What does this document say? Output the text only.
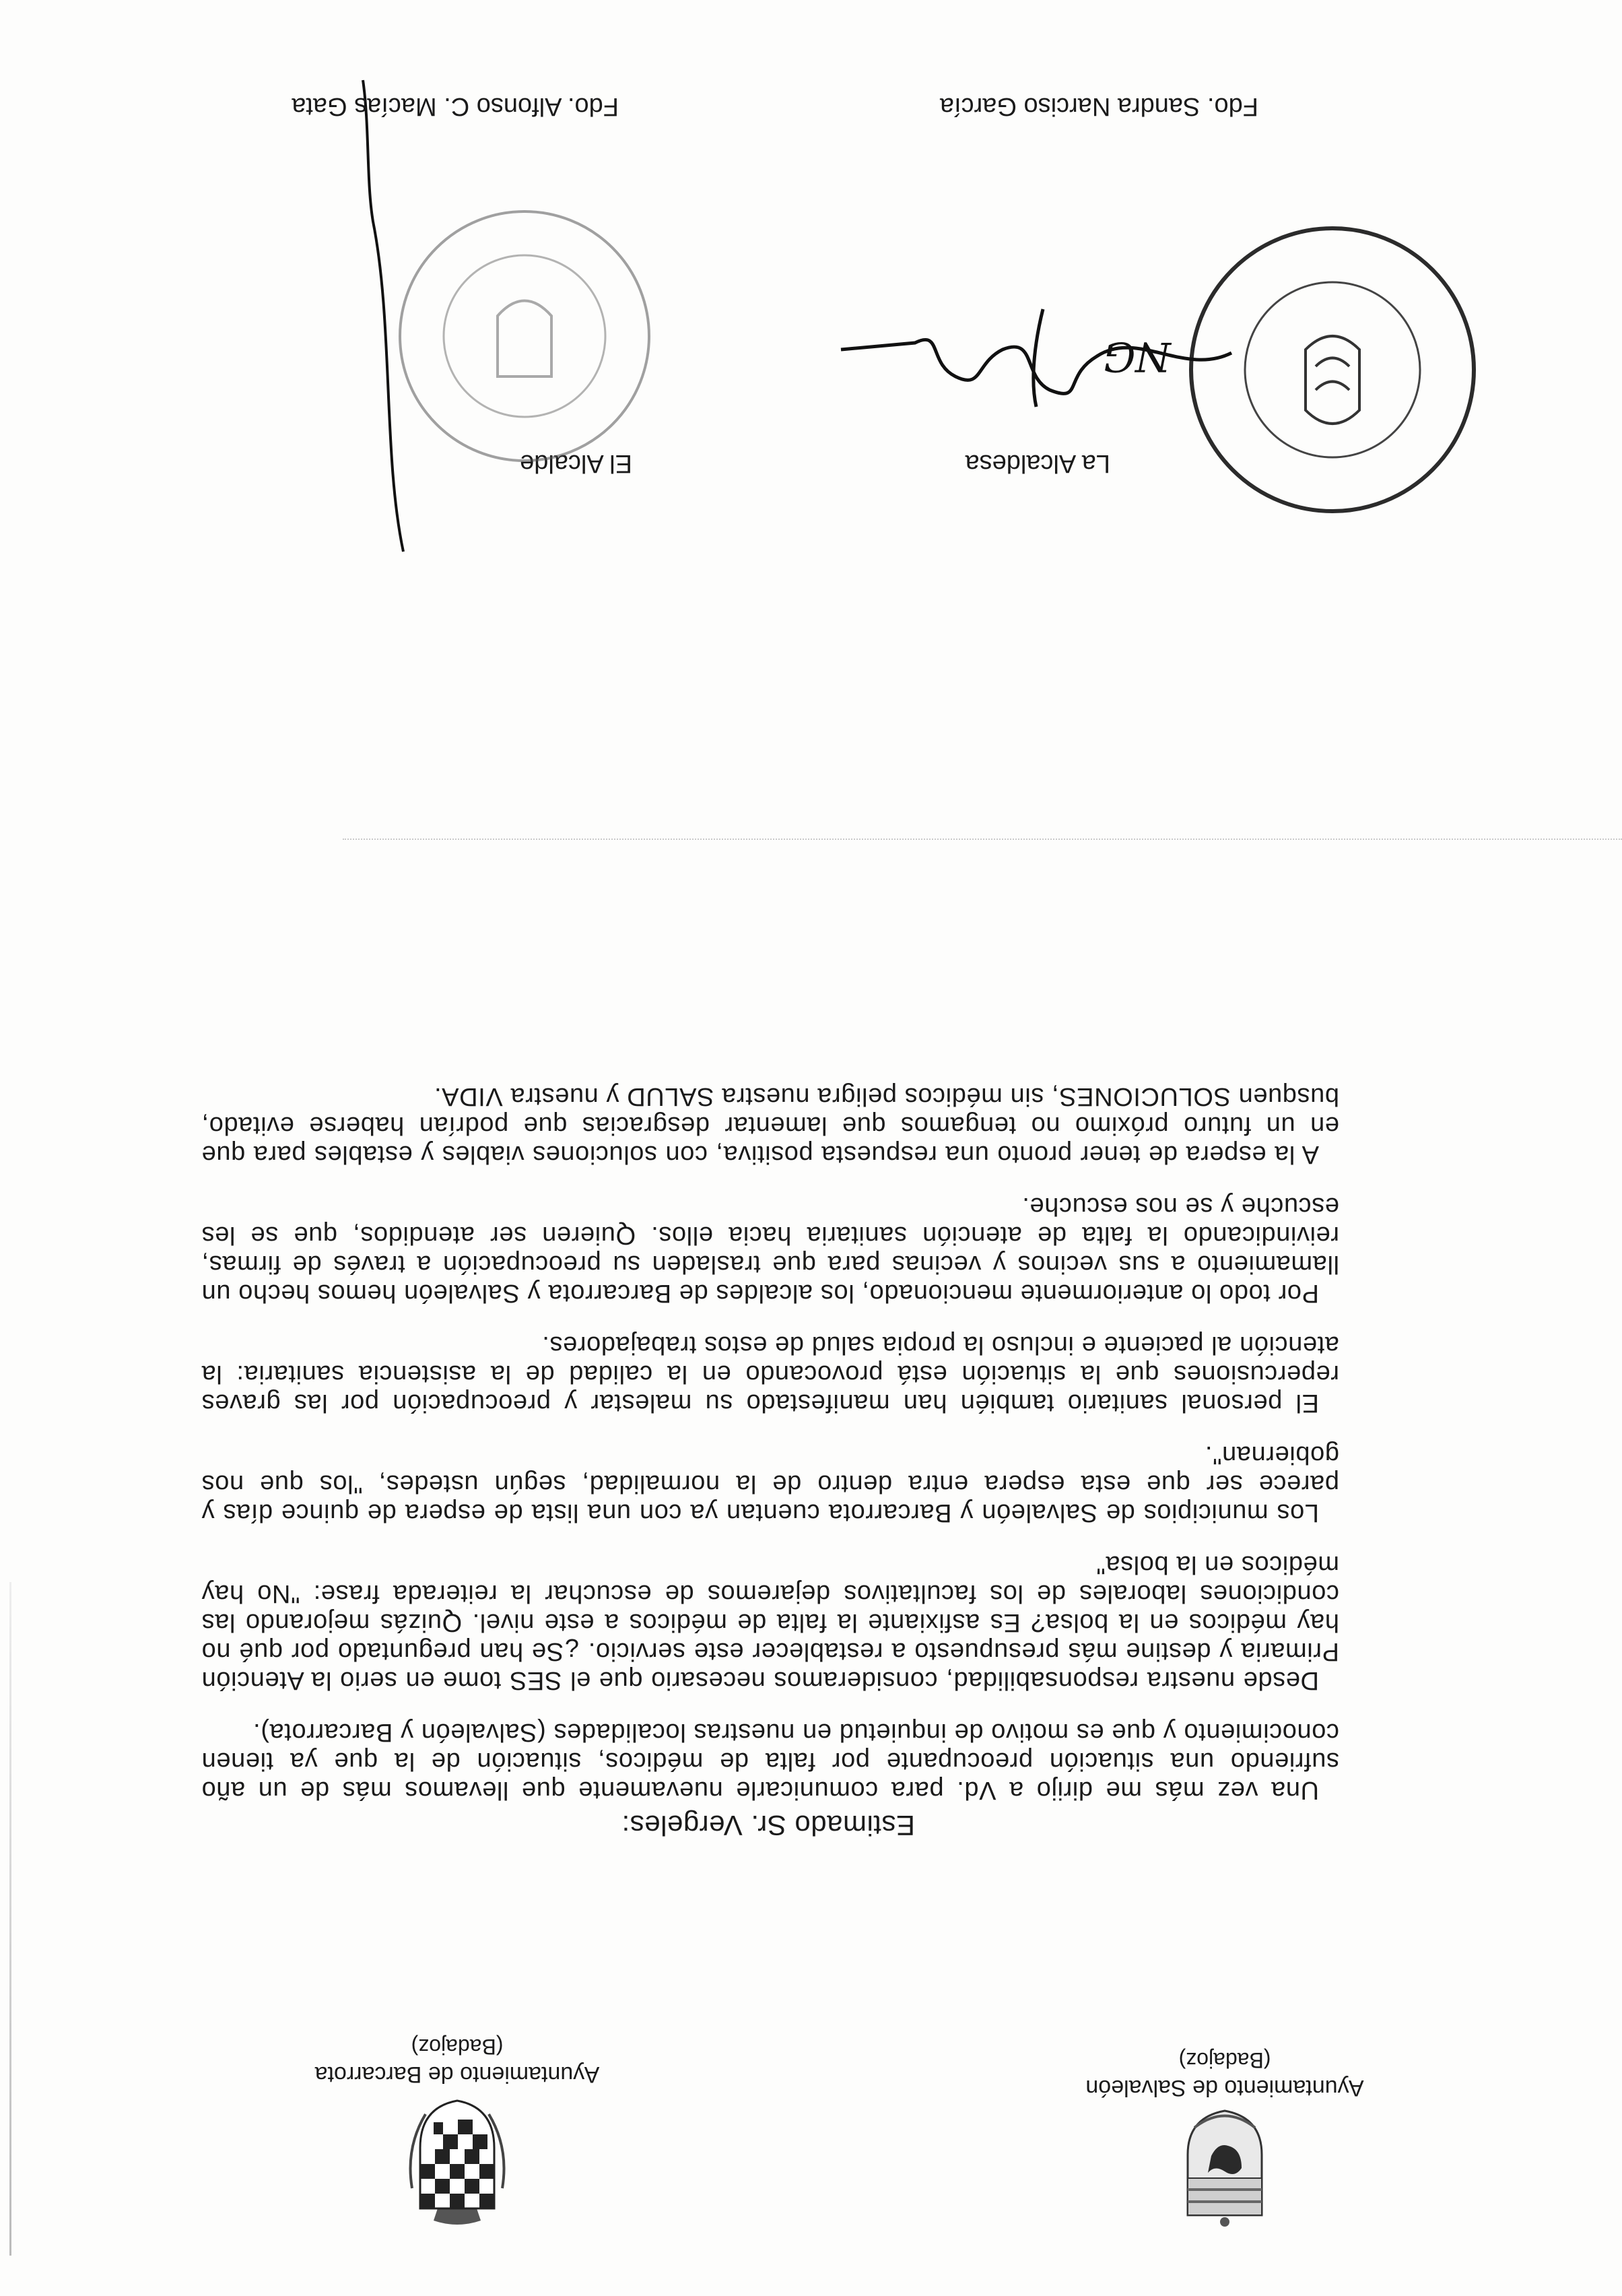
Ayuntamiento de Salvaleón
(Badajoz)
Ayuntamiento de Barcarrota
(Badajoz)
Estimado Sr. Vergeles:

Una vez más me dirijo a Vd. para comunicarle nuevamente que llevamos más de un año sufriendo una situación preocupante por falta de médicos, situación de la que ya tienen conocimiento y que es motivo de inquietud en nuestras localidades (Salvaleón y Barcarrota).

Desde nuestra responsabilidad, consideramos necesario que el SES tome en serio la Atención Primaria y destine más presupuesto a restablecer este servicio. ¿Se han preguntado por qué no hay médicos en la bolsa? Es asfixiante la falta de médicos a este nivel. Quizás mejorando las condiciones laborales de los facultativos dejaremos de escuchar la reiterada frase: "No hay médicos en la bolsa"

Los municipios de Salvaleón y Barcarrota cuentan ya con una lista de espera de quince días y parece ser que esta espera entra dentro de la normalidad, según ustedes, "los que nos gobiernan".

El personal sanitario también han manifestado su malestar y preocupación por las graves repercusiones que la situación está provocando en la calidad de la asistencia sanitaria: la atención al paciente e incluso la propia salud de estos trabajadores.

Por todo lo anteriormente mencionado, los alcaldes de Barcarrota y Salvaleón hemos hecho un llamamiento a sus vecinos y vecinas para que trasladen su preocupación a través de firmas, reivindicando la falta de atención sanitaria hacia ellos. Quieren ser atendidos, que se les escuche y se nos escuche.

A la espera de tener pronto una respuesta positiva, con soluciones viables y estables para que en un futuro próximo no tengamos que lamentar desgracias que podrían haberse evitado, busquen SOLUCIONES, sin médicos peligra nuestra SALUD y nuestra VIDA.

La Alcaldesa
NG
Fdo. Sandra Narciso García
El Alcalde
Fdo. Alfonso C. Macías Gata
